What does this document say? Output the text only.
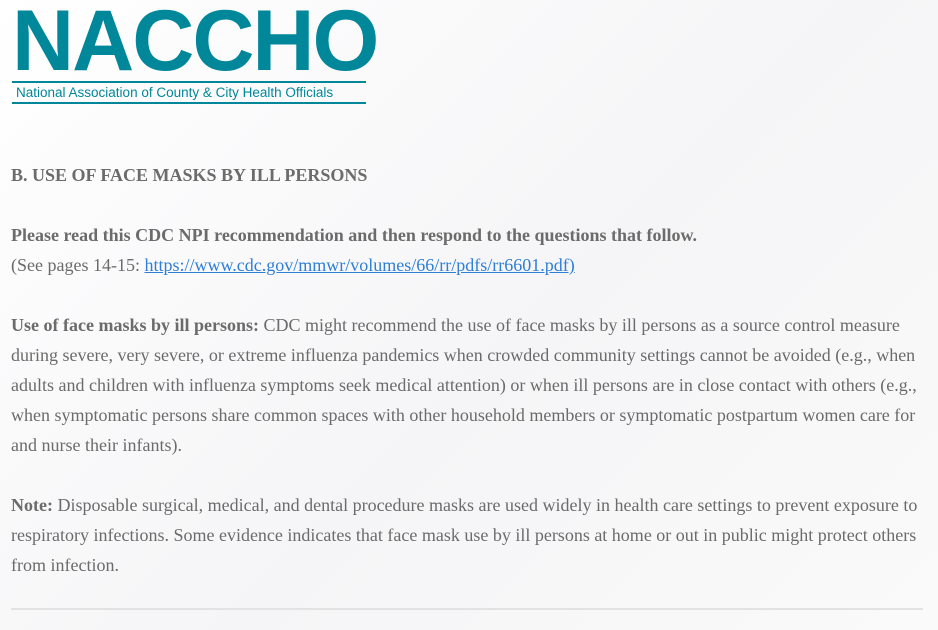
NACCHO
National Association of County & City Health Officials

B. USE OF FACE MASKS BY ILL PERSONS

Please read this CDC NPI recommendation and then respond to the questions that follow.
(See pages 14-15: https://www.cdc.gov/mmwr/volumes/66/rr/pdfs/rr6601.pdf)
Use of face masks by ill persons: CDC might recommend the use of face masks by ill persons as a source control measure during severe, very severe, or extreme influenza pandemics when crowded community settings cannot be avoided (e.g., when adults and children with influenza symptoms seek medical attention) or when ill persons are in close contact with others (e.g., when symptomatic persons share common spaces with other household members or symptomatic postpartum women care for and nurse their infants).
Note: Disposable surgical, medical, and dental procedure masks are used widely in health care settings to prevent exposure to respiratory infections. Some evidence indicates that face mask use by ill persons at home or out in public might protect others from infection.
